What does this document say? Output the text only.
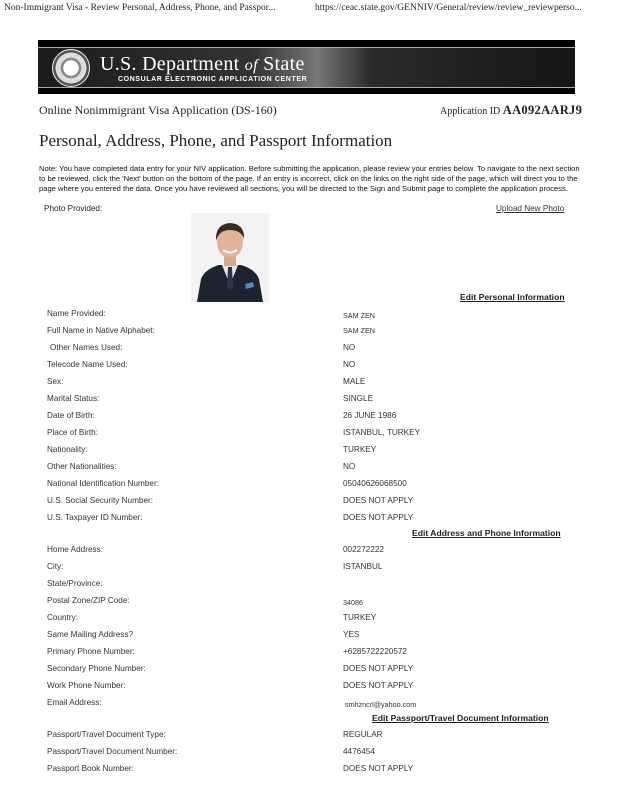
Non-Immigrant Visa - Review Personal, Address, Phone, and Passpor...	https://ceac.state.gov/GENNIV/General/review/review_reviewperso...
U.S. Department of State
CONSULAR ELECTRONIC APPLICATION CENTER
Online Nonimmigrant Visa Application (DS-160)	Application ID AA092AARJ9
Personal, Address, Phone, and Passport Information
Note: You have completed data entry for your NIV application. Before submitting the application, please review your entries below. To navigate to the next section to be reviewed, click the 'Next' button on the bottom of the page. If an entry is incorrect, click on the links on the right side of the page, which will direct you to the page where you entered the data. Once you have reviewed all sections, you will be directed to the Sign and Submit page to complete the application process.
Photo Provided:	Upload New Photo
Edit Personal Information
Name Provided:	SAM ZEN
Full Name in Native Alphabet:	SAM ZEN
Other Names Used:	NO
Telecode Name Used:	NO
Sex:	MALE
Marital Status:	SINGLE
Date of Birth:	26 JUNE 1986
Place of Birth:	ISTANBUL, TURKEY
Nationality:	TURKEY
Other Nationalities:	NO
National Identification Number:	05040626068500
U.S. Social Security Number:	DOES NOT APPLY
U.S. Taxpayer ID Number:	DOES NOT APPLY
Edit Address and Phone Information
Home Address:	002272222
City:	ISTANBUL
State/Province:
Postal Zone/ZIP Code:	34086
Country:	TURKEY
Same Mailing Address?	YES
Primary Phone Number:	+6285722220572
Secondary Phone Number:	DOES NOT APPLY
Work Phone Number:	DOES NOT APPLY
Email Address:	smhzncrl@yahoo.com
Edit Passport/Travel Document Information
Passport/Travel Document Type:	REGULAR
Passport/Travel Document Number:	4476454
Passport Book Number:	DOES NOT APPLY
